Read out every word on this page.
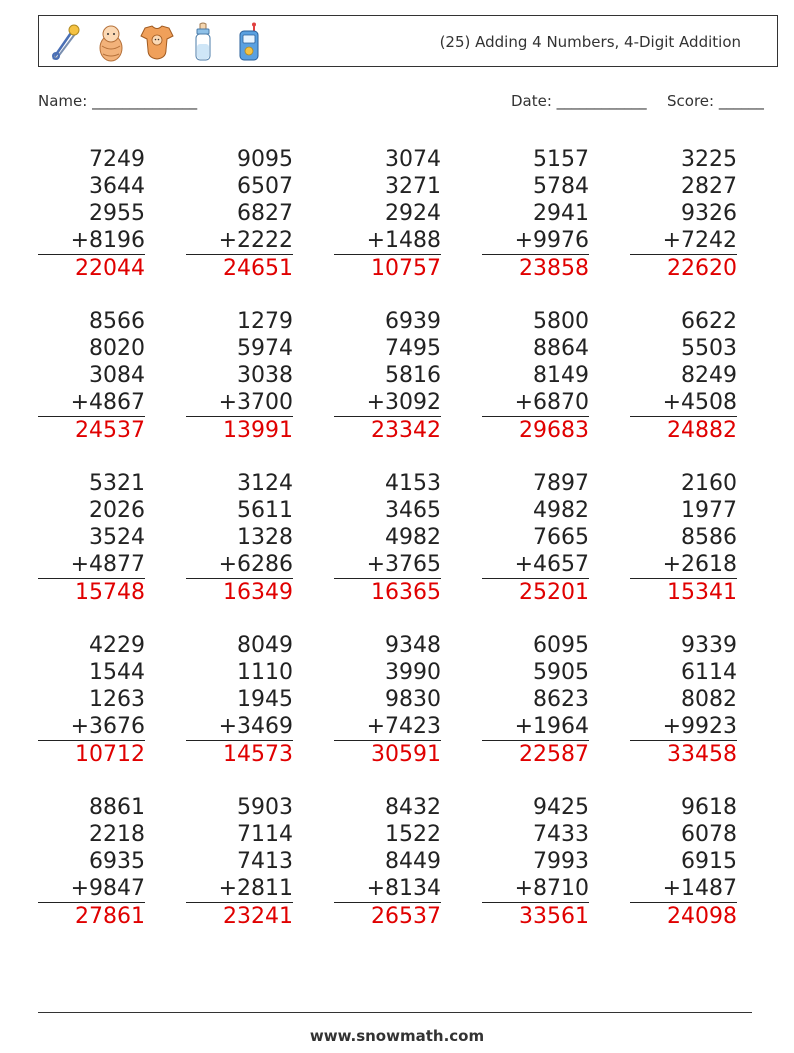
(25) Adding 4 Numbers, 4-Digit Addition
Name: ______________	Date: ____________ Score: ______
7249
3644
2955
+8196
22044
9095
6507
6827
+2222
24651
3074
3271
2924
+1488
10757
5157
5784
2941
+9976
23858
3225
2827
9326
+7242
22620
8566
8020
3084
+4867
24537
1279
5974
3038
+3700
13991
6939
7495
5816
+3092
23342
5800
8864
8149
+6870
29683
6622
5503
8249
+4508
24882
5321
2026
3524
+4877
15748
3124
5611
1328
+6286
16349
4153
3465
4982
+3765
16365
7897
4982
7665
+4657
25201
2160
1977
8586
+2618
15341
4229
1544
1263
+3676
10712
8049
1110
1945
+3469
14573
9348
3990
9830
+7423
30591
6095
5905
8623
+1964
22587
9339
6114
8082
+9923
33458
8861
2218
6935
+9847
27861
5903
7114
7413
+2811
23241
8432
1522
8449
+8134
26537
9425
7433
7993
+8710
33561
9618
6078
6915
+1487
24098
www.snowmath.com
